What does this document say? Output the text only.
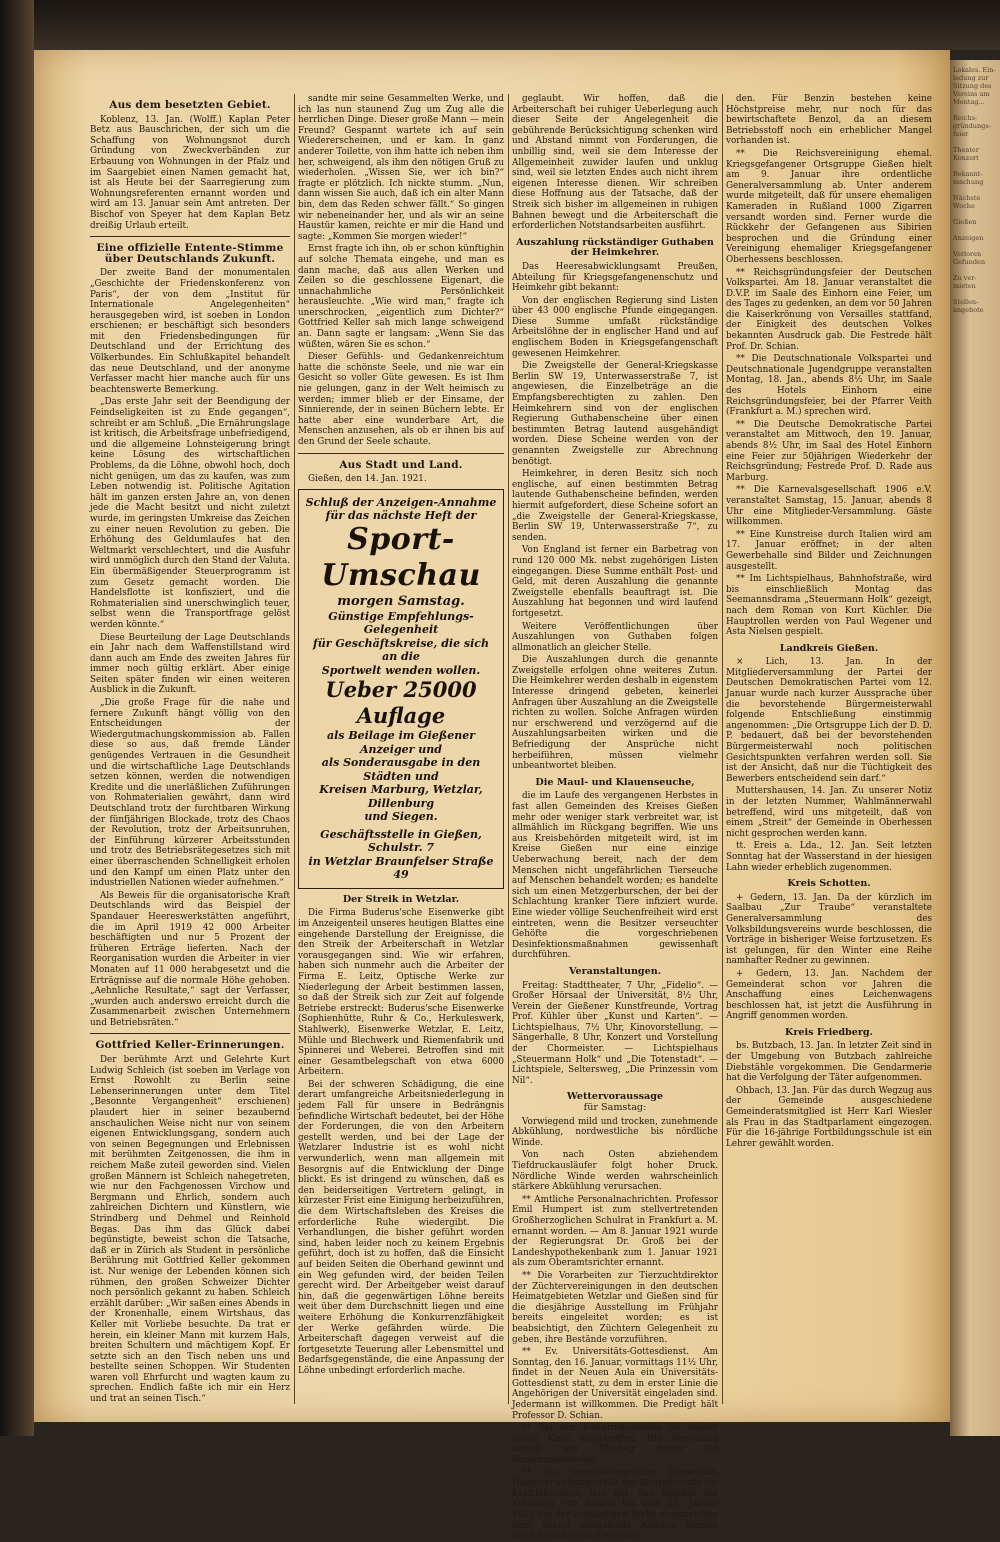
Aus dem besetzten Gebiet.

Koblenz, 13. Jan. (Wolff.) Kaplan Peter Betz aus Bauschrichen, der sich um die Schaffung von Wohnungsnot durch Gründung von Zweckverbänden zur Erbauung von Wohnungen in der Pfalz und im Saargebiet einen Namen gemacht hat, ist als Heute bei der Saarregierung zum Wohnungsreferenten ernannt worden und wird am 13. Januar sein Amt antreten. Der Bischof von Speyer hat dem Kaplan Betz dreißig Urlaub erteilt.

Eine offizielle Entente-Stimme über Deutschlands Zukunft.

Der zweite Band der monumentalen „Geschichte der Friedenskonferenz von Paris“, der von dem „Institut für Internationale Angelegenheiten“ herausgegeben wird, ist soeben in London erschienen; er beschäftigt sich besonders mit den Friedensbedingungen für Deutschland und der Errichtung des Völkerbundes. Ein Schlußkapitel behandelt das neue Deutschland, und der anonyme Verfasser macht hier manche auch für uns beachtenswerte Bemerkung.

„Das erste Jahr seit der Beendigung der Feindseligkeiten ist zu Ende gegangen“, schreibt er am Schluß. „Die Ernährungslage ist kritisch, die Arbeitsfrage unbefriedigend, und die allgemeine Lohnsteigerung bringt keine Lösung des wirtschaftlichen Problems, da die Löhne, obwohl hoch, doch nicht genügen, um das zu kaufen, was zum Leben notwendig ist. Politische Agitation hält im ganzen ersten Jahre an, von denen jede die Macht besitzt und nicht zuletzt wurde, im geringsten Umkreise das Zeichen zu einer neuen Revolution zu geben. Die Erhöhung des Geldumlaufes hat den Weltmarkt verschlechtert, und die Ausfuhr wird unmöglich durch den Stand der Valuta. Ein übermäßigender Steuerprogramm ist zum Gesetz gemacht worden. Die Handelsflotte ist konfisziert, und die Rohmaterialien sind unerschwinglich teuer, selbst wenn die Transportfrage gelöst werden könnte.“

Diese Beurteilung der Lage Deutschlands ein Jahr nach dem Waffenstillstand wird dann auch am Ende des zweiten Jahres für immer noch gültig erklärt. Aber einige Seiten später finden wir einen weiteren Ausblick in die Zukunft.

„Die große Frage für die nahe und fernere Zukunft hängt völlig von den Entscheidungen der Wiedergutmachungskommission ab. Fallen diese so aus, daß fremde Länder genügendes Vertrauen in die Gesundheit und die wirtschaftliche Lage Deutschlands setzen können, werden die notwendigen Kredite und die unerläßlichen Zuführungen von Rohmaterialien gewährt, dann wird Deutschland trotz der furchtbaren Wirkung der fünfjährigen Blockade, trotz des Chaos der Revolution, trotz der Arbeitsunruhen, der Einführung kürzerer Arbeitsstunden und trotz des Betriebsrätegesetzes sich mit einer überraschenden Schnelligkeit erholen und den Kampf um einen Platz unter den industriellen Nationen wieder aufnehmen.“

Als Beweis für die organisatorische Kraft Deutschlands wird das Beispiel der Spandauer Heereswerkstätten angeführt, die im April 1919 42 000 Arbeiter beschäftigten und nur 5 Prozent der früheren Erträge lieferten. Nach der Reorganisation wurden die Arbeiter in vier Monaten auf 11 000 herabgesetzt und die Erträgnisse auf die normale Höhe gehoben. „Aehnliche Resultate,“ sagt der Verfasser, „wurden auch anderswo erreicht durch die Zusammenarbeit zwischen Unternehmern und Betriebsräten.“

Gottfried Keller-Erinnerungen.

Der berühmte Arzt und Gelehrte Kurt Ludwig Schleich (ist soeben im Verlage von Ernst Rowohlt zu Berlin seine Lebenserinnerungen unter dem Titel „Besonnte Vergangenheit“ erschienen) plaudert hier in seiner bezaubernd anschaulichen Weise nicht nur von seinem eigenen Entwicklungsgang, sondern auch von seinen Begegnungen und Erlebnissen mit berühmten Zeitgenossen, die ihm in reichem Maße zuteil geworden sind. Vielen großen Männern ist Schleich nahegetreten, wie nur den Fachgenossen Virchow und Bergmann und Ehrlich, sondern auch zahlreichen Dichtern und Künstlern, wie Strindberg und Dehmel und Reinhold Begas. Das ihm das Glück dabei begünstigte, beweist schon die Tatsache, daß er in Zürich als Student in persönliche Berührung mit Gottfried Keller gekommen ist. Nur wenige der Lebenden können sich rühmen, den großen Schweizer Dichter noch persönlich gekannt zu haben. Schleich erzählt darüber: „Wir saßen eines Abends in der Kronenhalle, einem Wirtshaus, das Keller mit Vorliebe besuchte. Da trat er herein, ein kleiner Mann mit kurzem Hals, breiten Schultern und mächtigem Kopf. Er setzte sich an den Tisch neben uns und bestellte seinen Schoppen. Wir Studenten waren voll Ehrfurcht und wagten kaum zu sprechen. Endlich faßte ich mir ein Herz und trat an seinen Tisch.“

sandte mir seine Gesammelten Werke, und ich las nun staunend Zug um Zug alle die herrlichen Dinge. Dieser große Mann — mein Freund? Gespannt wartete ich auf sein Wiedererscheinen, und er kam. In ganz anderer Toilette, von ihm hatte ich neben ihm her, schweigend, als ihm den nötigen Gruß zu wiederholen. „Wissen Sie, wer ich bin?“ fragte er plötzlich. Ich nickte stumm. „Nun, dann wissen Sie auch, daß ich ein alter Mann bin, dem das Reden schwer fällt.“ So gingen wir nebeneinander her, und als wir an seine Haustür kamen, reichte er mir die Hand und sagte: „Kommen Sie morgen wieder!“

Ernst fragte ich ihn, ob er schon künftighin auf solche Themata eingehe, und man es dann mache, daß aus allen Werken und Zeilen so die geschlossene Eigenart, die unnachahmliche Persönlichkeit herausleuchte. „Wie wird man,“ fragte ich unerschrocken, „eigentlich zum Dichter?“ Gottfried Keller sah mich lange schweigend an. Dann sagte er langsam: „Wenn Sie das wüßten, wären Sie es schon.“

Dieser Gefühls- und Gedankenreichtum hatte die schönste Seele, und nie war ein Gesicht so voller Güte gewesen. Es ist Ihm nie gelungen, ganz in der Welt heimisch zu werden; immer blieb er der Einsame, der Sinnierende, der in seinen Büchern lebte. Er hatte aber eine wunderbare Art, die Menschen anzusehen, als ob er ihnen bis auf den Grund der Seele schaute.

Aus Stadt und Land.
Gießen, den 14. Jan. 1921.
Schluß der Anzeigen-Annahme
für das nächste Heft der
Sport-Umschau
morgen Samstag.
Günstige Empfehlungs-Gelegenheit
für Geschäftskreise, die sich an die
Sportwelt wenden wollen.
Ueber 25000 Auflage
als Beilage im Gießener Anzeiger und
als Sonderausgabe in den Städten und
Kreisen Marburg, Wetzlar, Dillenburg
und Siegen.
Geschäftsstelle in Gießen, Schulstr. 7
in Wetzlar Braunfelser Straße 49
Der Streik in Wetzlar.

Die Firma Buderus'sche Eisenwerke gibt im Anzeigenteil unseres heutigen Blattes eine eingehende Darstellung der Ereignisse, die den Streik der Arbeiterschaft in Wetzlar vorausgegangen sind. Wie wir erfahren, haben sich nunmehr auch die Arbeiter der Firma E. Leitz, Optische Werke zur Niederlegung der Arbeit bestimmen lassen, so daß der Streik sich zur Zeit auf folgende Betriebe erstreckt: Buderus'sche Eisenwerke (Sophienhütte, Ruhr & Co., Herkuleswerk, Stahlwerk), Eisenwerke Wetzlar, E. Leitz, Mühle und Blechwerk und Riemenfabrik und Spinnerei und Weberei. Betroffen sind mit einer Gesamtbelegschaft von etwa 6000 Arbeitern.

Bei der schweren Schädigung, die eine derart umfangreiche Arbeitsniederlegung in jedem Fall für unsere in Bedrängnis befindliche Wirtschaft bedeutet, bei der Höhe der Forderungen, die von den Arbeitern gestellt werden, und bei der Lage der Wetzlarer Industrie ist es wohl nicht verwunderlich, wenn man allgemein mit Besorgnis auf die Entwicklung der Dinge blickt. Es ist dringend zu wünschen, daß es den beiderseitigen Vertretern gelingt, in kürzester Frist eine Einigung herbeizuführen, die dem Wirtschaftsleben des Kreises die erforderliche Ruhe wiedergibt. Die Verhandlungen, die bisher geführt worden sind, haben leider noch zu keinem Ergebnis geführt, doch ist zu hoffen, daß die Einsicht auf beiden Seiten die Oberhand gewinnt und ein Weg gefunden wird, der beiden Teilen gerecht wird. Der Arbeitgeber weist darauf hin, daß die gegenwärtigen Löhne bereits weit über dem Durchschnitt liegen und eine weitere Erhöhung die Konkurrenzfähigkeit der Werke gefährden würde. Die Arbeiterschaft dagegen verweist auf die fortgesetzte Teuerung aller Lebensmittel und Bedarfsgegenstände, die eine Anpassung der Löhne unbedingt erforderlich mache.

geglaubt. Wir hoffen, daß die Arbeiterschaft bei ruhiger Ueberlegung auch dieser Seite der Angelegenheit die gebührende Berücksichtigung schenken wird und Abstand nimmt von Forderungen, die unbillig sind, weil sie dem Interesse der Allgemeinheit zuwider laufen und unklug sind, weil sie letzten Endes auch nicht ihrem eigenen Interesse dienen. Wir schreiben diese Hoffnung aus der Tatsache, daß der Streik sich bisher im allgemeinen in ruhigen Bahnen bewegt und die Arbeiterschaft die erforderlichen Notstandsarbeiten ausführt.

Auszahlung rückständiger Guthaben der Heimkehrer.

Das Heeresabwicklungsamt Preußen, Abteilung für Kriegsgefangenenschutz und Heimkehr gibt bekannt:

Von der englischen Regierung sind Listen über 43 000 englische Pfunde eingegangen. Diese Summe umfaßt rückständige Arbeitslöhne der in englischer Hand und auf englischem Boden in Kriegsgefangenschaft gewesenen Heimkehrer.

Die Zweigstelle der General-Kriegskasse Berlin SW 19, Unterwasserstraße 7, ist angewiesen, die Einzelbeträge an die Empfangsberechtigten zu zahlen. Den Heimkehrern sind von der englischen Regierung Guthabenscheine über einen bestimmten Betrag lautend ausgehändigt worden. Diese Scheine werden von der genannten Zweigstelle zur Abrechnung benötigt.

Heimkehrer, in deren Besitz sich noch englische, auf einen bestimmten Betrag lautende Guthabenscheine befinden, werden hiermit aufgefordert, diese Scheine sofort an „die Zweigstelle der General-Kriegskasse, Berlin SW 19, Unterwasserstraße 7“, zu senden.

Von England ist ferner ein Barbetrag von rund 120 000 Mk. nebst zugehörigen Listen eingegangen. Diese Summe enthält Post- und Geld, mit deren Auszahlung die genannte Zweigstelle ebenfalls beauftragt ist. Die Auszahlung hat begonnen und wird laufend fortgesetzt.

Weitere Veröffentlichungen über Auszahlungen von Guthaben folgen allmonatlich an gleicher Stelle.

Die Auszahlungen durch die genannte Zweigstelle erfolgen ohne weiteres Zutun. Die Heimkehrer werden deshalb in eigenstem Interesse dringend gebeten, keinerlei Anfragen über Auszahlung an die Zweigstelle richten zu wollen. Solche Anfragen würden nur erschwerend und verzögernd auf die Auszahlungsarbeiten wirken und die Befriedigung der Ansprüche nicht herbeiführen, müssen vielmehr unbeantwortet bleiben.

Die Maul- und Klauenseuche,

die im Laufe des vergangenen Herbstes in fast allen Gemeinden des Kreises Gießen mehr oder weniger stark verbreitet war, ist allmählich im Rückgang begriffen. Wie uns aus Kreisbehörden mitgeteilt wird, ist im Kreise Gießen nur eine einzige Ueberwachung bereit, nach der dem Menschen nicht ungefährlichen Tierseuche auf Menschen behandelt worden; es handelte sich um einen Metzgerburschen, der bei der Schlachtung kranker Tiere infiziert wurde. Eine wieder völlige Seuchenfreiheit wird erst eintreten, wenn die Besitzer verseuchter Gehöfte die vorgeschriebenen Desinfektionsmaßnahmen gewissenhaft durchführen.

Veranstaltungen.

Freitag: Stadttheater, 7 Uhr, „Fidelio“. — Großer Hörsaal der Universität, 8½ Uhr, Verein der Gießener Kunstfreunde, Vortrag Prof. Kühler über „Kunst und Karten“. — Lichtspielhaus, 7½ Uhr, Kinovorstellung. — Sängerhalle, 8 Uhr, Konzert und Vorstellung der Chormeister. — Lichtspielhaus „Steuermann Holk“ und „Die Totenstadt“. — Lichtspiele, Seltersweg, „Die Prinzessin vom Nil“.

Wettervoraussage
für Samstag:

Vorwiegend mild und trocken, zunehmende Abkühlung, nordwestliche bis nördliche Winde.

Von nach Osten abziehendem Tiefdruckausläufer folgt hoher Druck. Nördliche Winde werden wahrscheinlich stärkere Abkühlung verursachen.

** Amtliche Personalnachrichten. Professor Emil Humpert ist zum stellvertretenden Großherzoglichen Schulrat in Frankfurt a. M. ernannt worden. — Am 8. Januar 1921 wurde der Regierungsrat Dr. Groß bei der Landeshypothekenbank zum 1. Januar 1921 als zum Oberamtsrichter ernannt.

** Die Vorarbeiten zur Tierzuchtdirektor der Züchtervereinigungen in den deutschen Heimatgebieten Wetzlar und Gießen sind für die diesjährige Ausstellung im Frühjahr bereits eingeleitet worden; es ist beabsichtigt, den Züchtern Gelegenheit zu geben, ihre Bestände vorzuführen.

** Ev. Universitäts-Gottesdienst. Am Sonntag, den 16. Januar, vormittags 11½ Uhr, findet in der Neuen Aula ein Universitäts-Gottesdienst statt, zu dem in erster Linie die Angehörigen der Universität eingeladen sind. Jedermann ist willkommen. Die Predigt hält Professor D. Schian.

** Bei der Futtermittelstelle ist wieder etwas Kleie eingetroffen. Die Verteilung erfolgt am Montag durch die Bürgermeistereien.

** Die Gewerbeinspektion Darmstadt. Hauptverwaltungsstelle der Betriebsstoffe für Kraftfahrzeuge, teilt mit, daß Anträge auf Zuteilung von Benzin bis zum 22. Januar 1921 bei der zuständigen Stelle einzureichen sind; später eingehende Anträge können nicht berücksichtigt werden.

den. Für Benzin bestehen keine Höchstpreise mehr, nur noch für das bewirtschaftete Benzol, da an diesem Betriebsstoff noch ein erheblicher Mangel vorhanden ist.

** Die Reichsvereinigung ehemal. Kriegsgefangener Ortsgruppe Gießen hielt am 9. Januar ihre ordentliche Generalversammlung ab. Unter anderem wurde mitgeteilt, daß für unsere ehemaligen Kameraden in Rußland 1000 Zigarren versandt worden sind. Ferner wurde die Rückkehr der Gefangenen aus Sibirien besprochen und die Gründung einer Vereinigung ehemaliger Kriegsgefangener Oberhessens beschlossen.

** Reichsgründungsfeier der Deutschen Volkspartei. Am 18. Januar veranstaltet die D.V.P. im Saale des Einhorn eine Feier, um des Tages zu gedenken, an dem vor 50 Jahren die Kaiserkrönung von Versailles stattfand, der Einigkeit des deutschen Volkes bekannten Ausdruck gab. Die Festrede hält Prof. Dr. Schian.

** Die Deutschnationale Volkspartei und Deutschnationale Jugendgruppe veranstalten Montag, 18. Jan., abends 8½ Uhr, im Saale des Hotels Einhorn eine Reichsgründungsfeier, bei der Pfarrer Veith (Frankfurt a. M.) sprechen wird.

** Die Deutsche Demokratische Partei veranstaltet am Mittwoch, den 19. Januar, abends 8½ Uhr, im Saal des Hotel Einhorn eine Feier zur 50jährigen Wiederkehr der Reichsgründung; Festrede Prof. D. Rade aus Marburg.

** Die Karnevalsgesellschaft 1906 e.V. veranstaltet Samstag, 15. Januar, abends 8 Uhr eine Mitglieder-Versammlung. Gäste willkommen.

** Eine Kunstreise durch Italien wird am 17. Januar eröffnet; in der alten Gewerbehalle sind Bilder und Zeichnungen ausgestellt.

** Im Lichtspielhaus, Bahnhofstraße, wird bis einschließlich Montag das Seemannsdrama „Steuermann Holk“ gezeigt, nach dem Roman von Kurt Küchler. Die Hauptrollen werden von Paul Wegener und Asta Nielsen gespielt.

Landkreis Gießen.

× Lich, 13. Jan. In der Mitgliederversammlung der Partei der Deutschen Demokratischen Partei vom 12. Januar wurde nach kurzer Aussprache über die bevorstehende Bürgermeisterwahl folgende Entschließung einstimmig angenommen: „Die Ortsgruppe Lich der D. D. P. bedauert, daß bei der bevorstehenden Bürgermeisterwahl noch politischen Gesichtspunkten verfahren werden soll. Sie ist der Ansicht, daß nur die Tüchtigkeit des Bewerbers entscheidend sein darf.“

Muttershausen, 14. Jan. Zu unserer Notiz in der letzten Nummer, Wahlmännerwahl betreffend, wird uns mitgeteilt, daß von einem „Streit“ der Gemeinde in Oberhessen nicht gesprochen werden kann.

tt. Ereis a. Lda., 12. Jan. Seit letzten Sonntag hat der Wasserstand in der hiesigen Lahn wieder erheblich zugenommen.

Kreis Schotten.

+ Gedern, 13. Jan. Da der kürzlich im Saalbau „Zur Traube“ veranstaltete Generalversammlung des Volksbildungsvereins wurde beschlossen, die Vorträge in bisheriger Weise fortzusetzen. Es ist gelungen, für den Winter eine Reihe namhafter Redner zu gewinnen.

+ Gedern, 13. Jan. Nachdem der Gemeinderat schon vor Jahren die Anschaffung eines Leichenwagens beschlossen hat, ist jetzt die Ausführung in Angriff genommen worden.

Kreis Friedberg.

bs. Butzbach, 13. Jan. In letzter Zeit sind in der Umgebung von Butzbach zahlreiche Diebstähle vorgekommen. Die Gendarmerie hat die Verfolgung der Täter aufgenommen.

Ohbach, 13. Jan. Für das durch Wegzug aus der Gemeinde ausgeschiedene Gemeinderatsmitglied ist Herr Karl Wiesler als Frau in das Stadtparlament eingezogen. Für die 16-jährige Fortbildungsschule ist ein Lehrer gewählt worden.

Lokales. Ein-
ladung zur
Sitzung des
Vereins am
Montag...

Reichs-
gründungs-
feier

Theater
Konzert

Bekannt-
machung

Nächste
Woche

Gießen

Anzeigen

Verloren
Gefunden

Zu ver-
mieten

Stellen-
angebote
